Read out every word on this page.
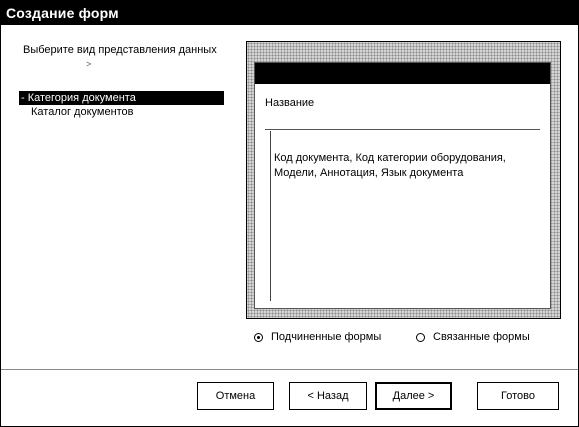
Создание форм
Выберите вид представления данных
˃
- Категория документа
Каталог документов
Название
Код документа, Код категории оборудования, Модели, Аннотация, Язык документа
Подчиненные формы	Связанные формы
Отмена	< Назад	Далее >	Готово
